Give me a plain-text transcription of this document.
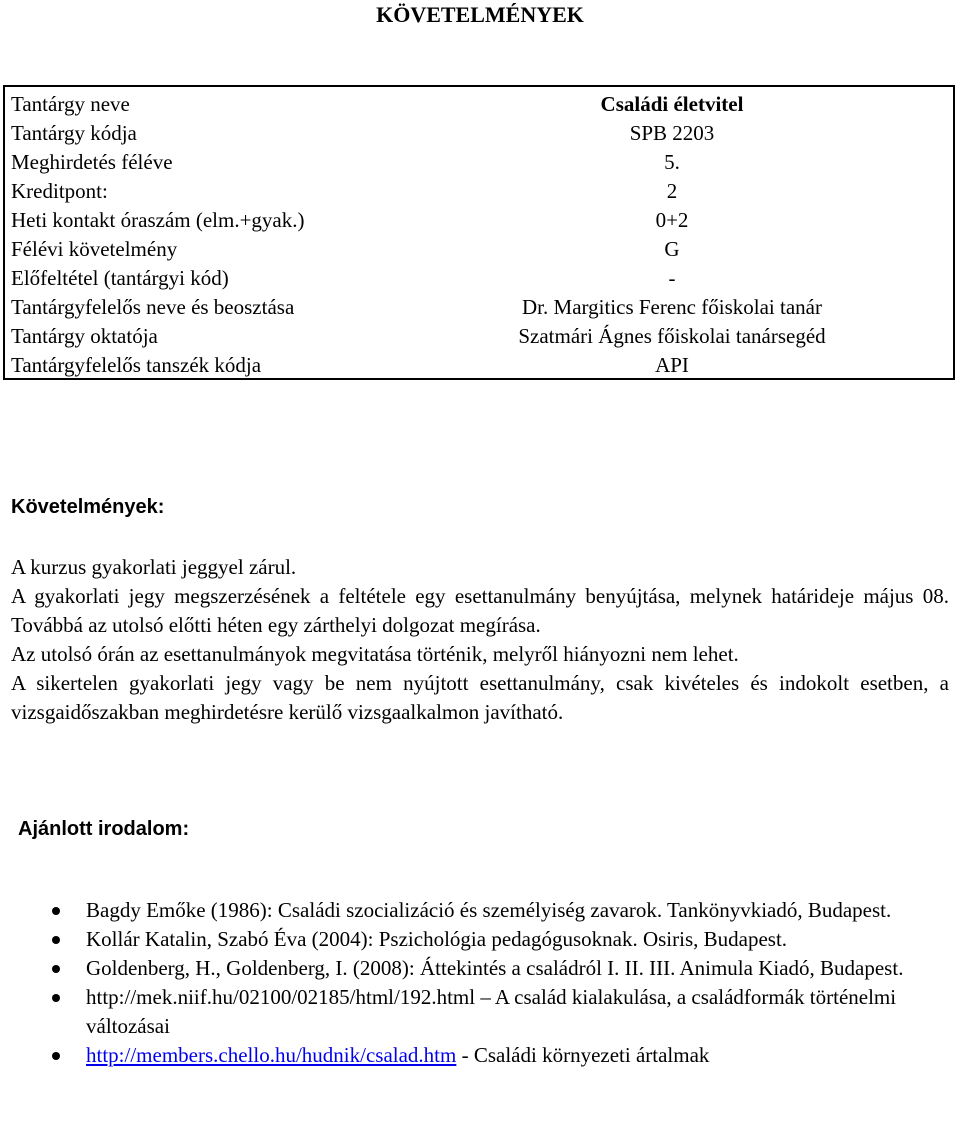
KÖVETELMÉNYEK
Tantárgy neve	Családi életvitel
Tantárgy kódja	SPB 2203
Meghirdetés féléve	5.
Kreditpont:	2
Heti kontakt óraszám (elm.+gyak.)	0+2
Félévi követelmény	G
Előfeltétel (tantárgyi kód)	-
Tantárgyfelelős neve és beosztása	Dr. Margitics Ferenc főiskolai tanár
Tantárgy oktatója	Szatmári Ágnes főiskolai tanársegéd
Tantárgyfelelős tanszék kódja	API
Követelmények:

A kurzus gyakorlati jeggyel zárul.

A gyakorlati jegy megszerzésének a feltétele egy esettanulmány benyújtása, melynek határideje május 08. Továbbá az utolsó előtti héten egy zárthelyi dolgozat megírása.

Az utolsó órán az esettanulmányok megvitatása történik, melyről hiányozni nem lehet.

A sikertelen gyakorlati jegy vagy be nem nyújtott esettanulmány, csak kivételes és indokolt esetben, a vizsgaidőszakban meghirdetésre kerülő vizsgaalkalmon javítható.

Ajánlott irodalom:
Bagdy Emőke (1986): Családi szocializáció és személyiség zavarok. Tankönyvkiadó, Budapest.
Kollár Katalin, Szabó Éva (2004): Pszichológia pedagógusoknak. Osiris, Budapest.
Goldenberg, H., Goldenberg, I. (2008): Áttekintés a családról I. II. III. Animula Kiadó, Budapest.
http://mek.niif.hu/02100/02185/html/192.html – A család kialakulása, a családformák történelmi változásai
http://members.chello.hu/hudnik/csalad.htm - Családi környezeti ártalmak
